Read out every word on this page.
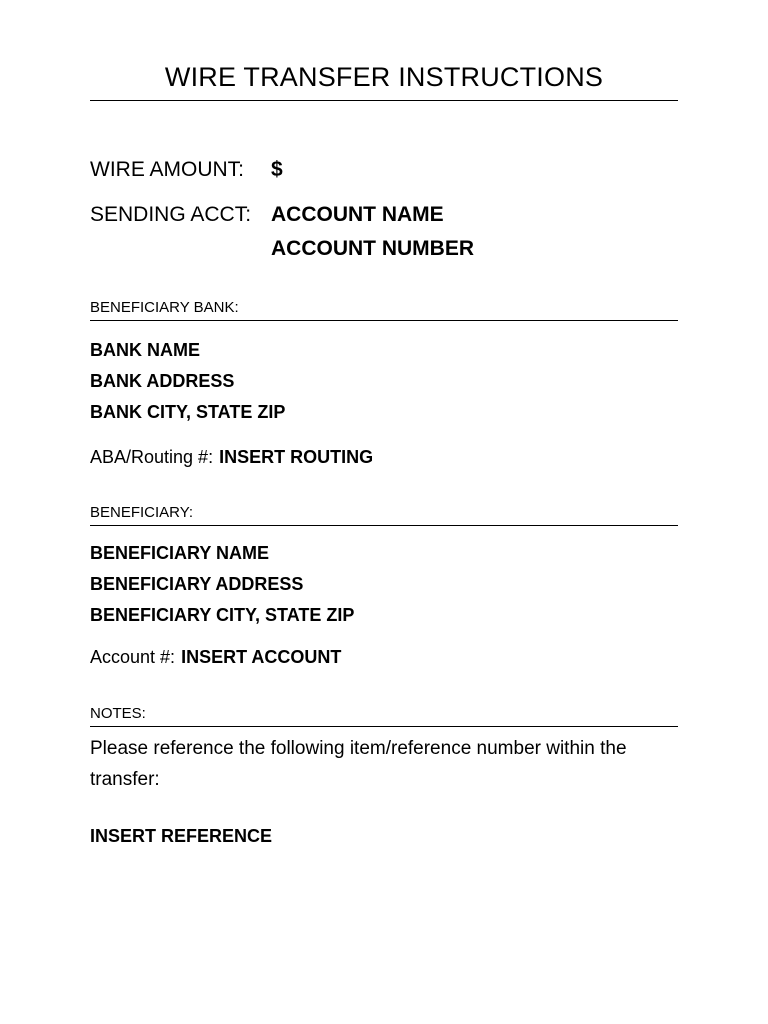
WIRE TRANSFER INSTRUCTIONS
WIRE AMOUNT: $
SENDING ACCT: ACCOUNT NAME
ACCOUNT NUMBER
BENEFICIARY BANK:
BANK NAME
BANK ADDRESS
BANK CITY, STATE ZIP
ABA/Routing #: INSERT ROUTING
BENEFICIARY:
BENEFICIARY NAME
BENEFICIARY ADDRESS
BENEFICIARY CITY, STATE ZIP
Account #: INSERT ACCOUNT
NOTES:
Please reference the following item/reference number within the transfer:
INSERT REFERENCE
